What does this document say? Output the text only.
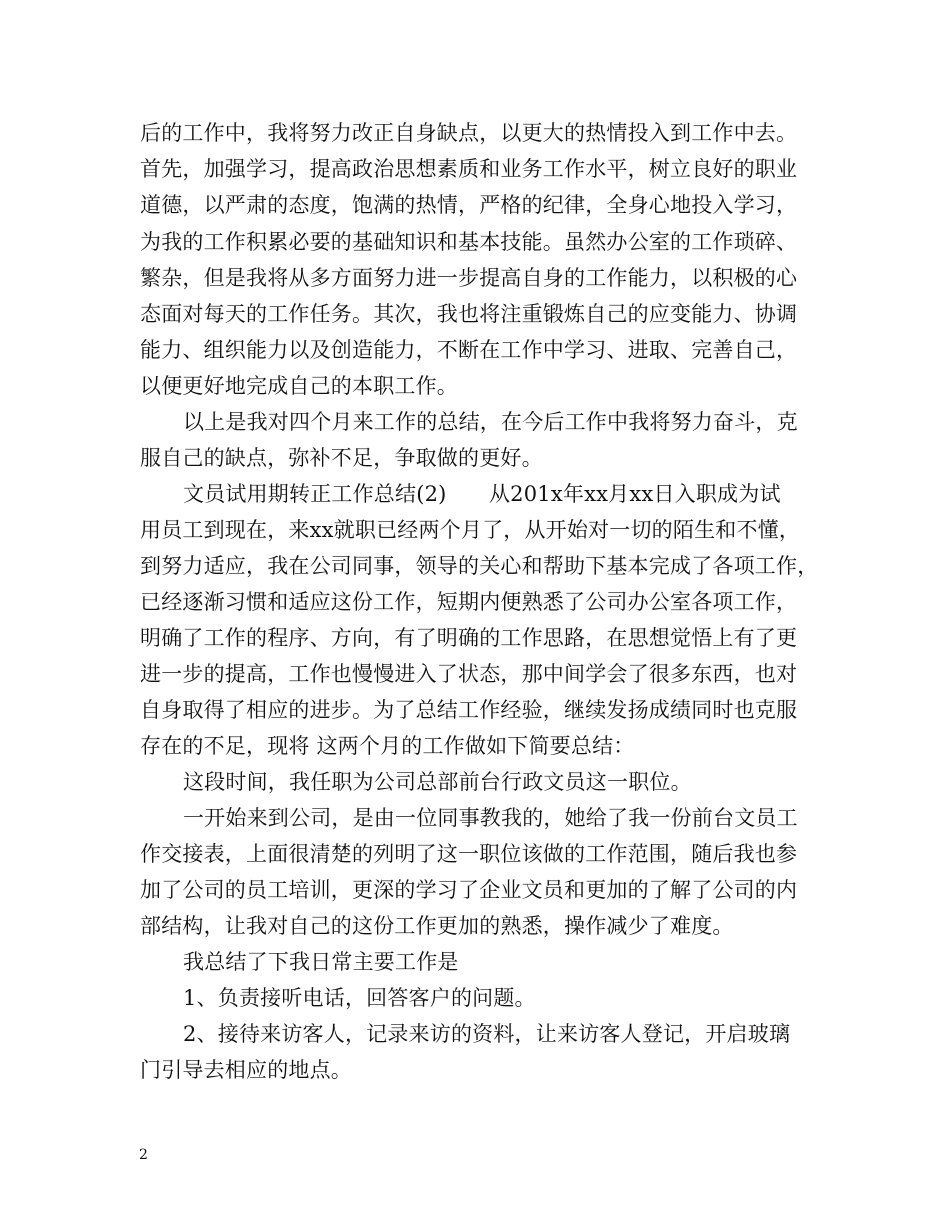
后的工作中，我将努力改正自身缺点，以更大的热情投入到工作中去。
首先，加强学习，提高政治思想素质和业务工作水平，树立良好的职业
道德，以严肃的态度，饱满的热情，严格的纪律，全身心地投入学习，
为我的工作积累必要的基础知识和基本技能。虽然办公室的工作琐碎、
繁杂，但是我将从多方面努力进一步提高自身的工作能力，以积极的心
态面对每天的工作任务。其次，我也将注重锻炼自己的应变能力、协调
能力、组织能力以及创造能力，不断在工作中学习、进取、完善自己，
以便更好地完成自己的本职工作。
以上是我对四个月来工作的总结，在今后工作中我将努力奋斗，克
服自己的缺点，弥补不足，争取做的更好。
文员试用期转正工作总结(2)　　从201x年xx月xx日入职成为试
用员工到现在，来xx就职已经两个月了，从开始对一切的陌生和不懂，
到努力适应，我在公司同事，领导的关心和帮助下基本完成了各项工作，
已经逐渐习惯和适应这份工作，短期内便熟悉了公司办公室各项工作，
明确了工作的程序、方向，有了明确的工作思路，在思想觉悟上有了更
进一步的提高，工作也慢慢进入了状态，那中间学会了很多东西，也对
自身取得了相应的进步。为了总结工作经验，继续发扬成绩同时也克服
存在的不足，现将 这两个月的工作做如下简要总结：
这段时间，我任职为公司总部前台行政文员这一职位。
一开始来到公司，是由一位同事教我的，她给了我一份前台文员工
作交接表，上面很清楚的列明了这一职位该做的工作范围，随后我也参
加了公司的员工培训，更深的学习了企业文员和更加的了解了公司的内
部结构，让我对自己的这份工作更加的熟悉，操作减少了难度。
我总结了下我日常主要工作是
1、负责接听电话，回答客户的问题。
2、接待来访客人，记录来访的资料，让来访客人登记，开启玻璃
门引导去相应的地点。
2
